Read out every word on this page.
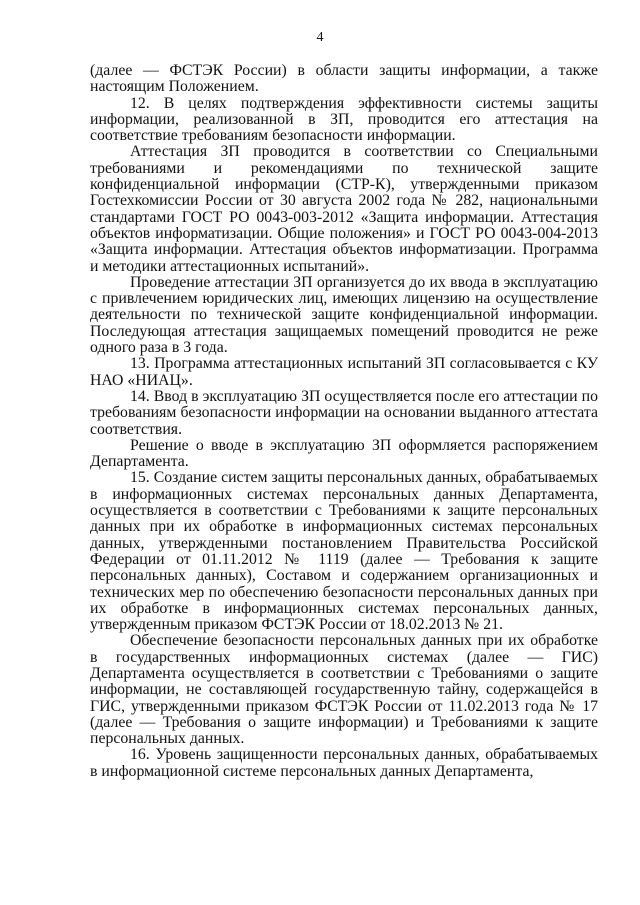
4

(далее — ФСТЭК России) в области защиты информации, а также настоящим Положением.

12. В целях подтверждения эффективности системы защиты информации, реализованной в ЗП, проводится его аттестация на соответствие требованиям безопасности информации.

Аттестация ЗП проводится в соответствии со Специальными требованиями и рекомендациями по технической защите конфиденциальной информации (СТР-К), утвержденными приказом Гостехкомиссии России от 30 августа 2002 года № 282, национальными стандартами ГОСТ РО 0043-003-2012 «Защита информации. Аттестация объектов информатизации. Общие положения» и ГОСТ РО 0043-004-2013 «Защита информации. Аттестация объектов информатизации. Программа и методики аттестационных испытаний».

Проведение аттестации ЗП организуется до их ввода в эксплуатацию с привлечением юридических лиц, имеющих лицензию на осуществление деятельности по технической защите конфиденциальной информации. Последующая аттестация защищаемых помещений проводится не реже одного раза в 3 года.

13. Программа аттестационных испытаний ЗП согласовывается с КУ НАО «НИАЦ».

14. Ввод в эксплуатацию ЗП осуществляется после его аттестации по требованиям безопасности информации на основании выданного аттестата соответствия.

Решение о вводе в эксплуатацию ЗП оформляется распоряжением Департамента.

15. Создание систем защиты персональных данных, обрабатываемых в информационных системах персональных данных Департамента, осуществляется в соответствии с Требованиями к защите персональных данных при их обработке в информационных системах персональных данных, утвержденными постановлением Правительства Российской Федерации от 01.11.2012 № 1119 (далее — Требования к защите персональных данных), Составом и содержанием организационных и технических мер по обеспечению безопасности персональных данных при их обработке в информационных системах персональных данных, утвержденным приказом ФСТЭК России от 18.02.2013 № 21.

Обеспечение безопасности персональных данных при их обработке в государственных информационных системах (далее — ГИС) Департамента осуществляется в соответствии с Требованиями о защите информации, не составляющей государственную тайну, содержащейся в ГИС, утвержденными приказом ФСТЭК России от 11.02.2013 года № 17 (далее — Требования о защите информации) и Требованиями к защите персональных данных.

16. Уровень защищенности персональных данных, обрабатываемых в информационной системе персональных данных Департамента,
